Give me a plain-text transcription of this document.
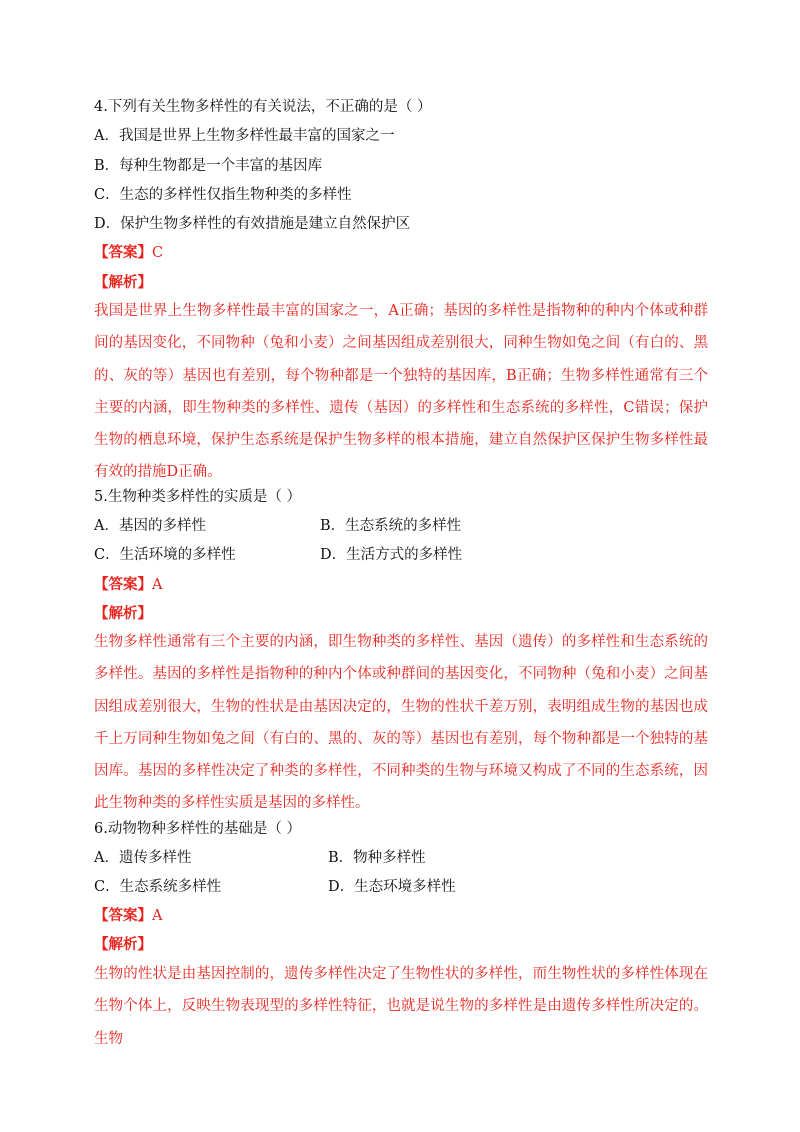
4.下列有关生物多样性的有关说法，不正确的是（ ）
A．我国是世界上生物多样性最丰富的国家之一
B．每种生物都是一个丰富的基因库
C．生态的多样性仅指生物种类的多样性
D．保护生物多样性的有效措施是建立自然保护区
【答案】C
【解析】
我国是世界上生物多样性最丰富的国家之一，A正确；基因的多样性是指物种的种内个体或种群间的基因变化，不同物种（兔和小麦）之间基因组成差别很大，同种生物如兔之间（有白的、黑的、灰的等）基因也有差别，每个物种都是一个独特的基因库，B正确；生物多样性通常有三个主要的内涵，即生物种类的多样性、遗传（基因）的多样性和生态系统的多样性，C错误；保护生物的栖息环境，保护生态系统是保护生物多样的根本措施，建立自然保护区保护生物多样性最有效的措施D正确。
5.生物种类多样性的实质是（ ）
A．基因的多样性	B．生态系统的多样性
C．生活环境的多样性	D．生活方式的多样性
【答案】A
【解析】
生物多样性通常有三个主要的内涵，即生物种类的多样性、基因（遗传）的多样性和生态系统的多样性。基因的多样性是指物种的种内个体或种群间的基因变化，不同物种（兔和小麦）之间基因组成差别很大，生物的性状是由基因决定的，生物的性状千差万别，表明组成生物的基因也成千上万同种生物如兔之间（有白的、黑的、灰的等）基因也有差别，每个物种都是一个独特的基因库。基因的多样性决定了种类的多样性，不同种类的生物与环境又构成了不同的生态系统，因此生物种类的多样性实质是基因的多样性。
6.动物物种多样性的基础是（ ）
A．遗传多样性	B．物种多样性
C．生态系统多样性	D．生态环境多样性
【答案】A
【解析】
生物的性状是由基因控制的，遗传多样性决定了生物性状的多样性，而生物性状的多样性体现在生物个体上，反映生物表现型的多样性特征，也就是说生物的多样性是由遗传多样性所决定的。生物
